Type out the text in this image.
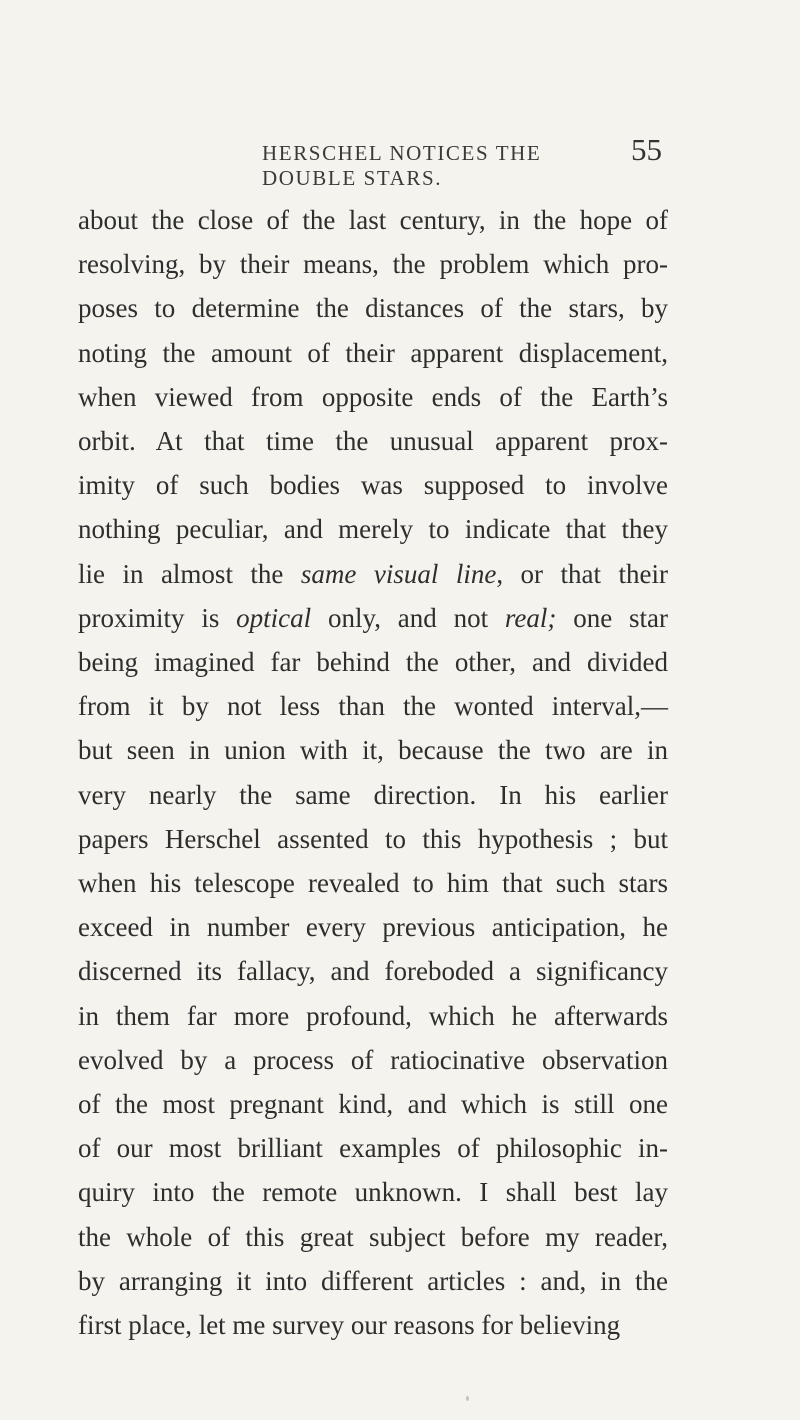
HERSCHEL NOTICES THE DOUBLE STARS.
55

about the close of the last century, in the hope of
resolving, by their means, the problem which pro-
poses to determine the distances of the stars, by
noting the amount of their apparent displacement,
when viewed from opposite ends of the Earth’s
orbit. At that time the unusual apparent prox-
imity of such bodies was supposed to involve
nothing peculiar, and merely to indicate that they
lie in almost the same visual line, or that their
proximity is optical only, and not real; one star
being imagined far behind the other, and divided
from it by not less than the wonted interval,—
but seen in union with it, because the two are in
very nearly the same direction. In his earlier
papers Herschel assented to this hypothesis ; but
when his telescope revealed to him that such stars
exceed in number every previous anticipation, he
discerned its fallacy, and foreboded a significancy
in them far more profound, which he afterwards
evolved by a process of ratiocinative observation
of the most pregnant kind, and which is still one
of our most brilliant examples of philosophic in-
quiry into the remote unknown. I shall best lay
the whole of this great subject before my reader,
by arranging it into different articles : and, in the
first place, let me survey our reasons for believing
